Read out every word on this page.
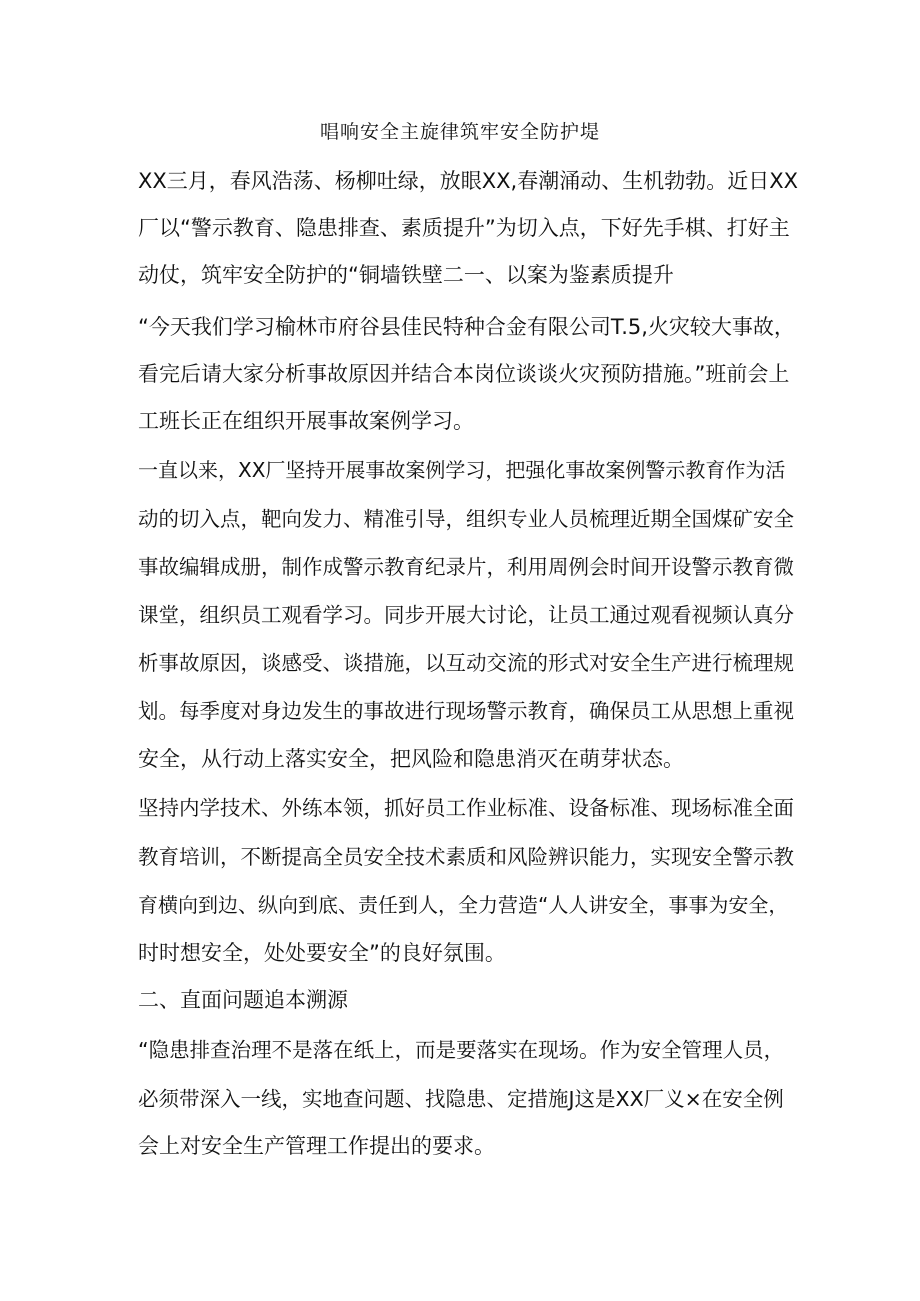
唱响安全主旋律筑牢安全防护堤
XX三月，春风浩荡、杨柳吐绿，放眼XX,春潮涌动、生机勃勃。近日XX
厂以“警示教育、隐患排查、素质提升”为切入点，下好先手棋、打好主
动仗，筑牢安全防护的“铜墙铁壁二一、以案为鉴素质提升
“今天我们学习榆林市府谷县佳民特种合金有限公司T.5,火灾较大事故，
看完后请大家分析事故原因并结合本岗位谈谈火灾预防措施。”班前会上
工班长正在组织开展事故案例学习。
一直以来，XX厂坚持开展事故案例学习，把强化事故案例警示教育作为活
动的切入点，靶向发力、精准引导，组织专业人员梳理近期全国煤矿安全
事故编辑成册，制作成警示教育纪录片，利用周例会时间开设警示教育微
课堂，组织员工观看学习。同步开展大讨论，让员工通过观看视频认真分
析事故原因，谈感受、谈措施，以互动交流的形式对安全生产进行梳理规
划。每季度对身边发生的事故进行现场警示教育，确保员工从思想上重视
安全，从行动上落实安全，把风险和隐患消灭在萌芽状态。
坚持内学技术、外练本领，抓好员工作业标准、设备标准、现场标准全面
教育培训，不断提高全员安全技术素质和风险辨识能力，实现安全警示教
育横向到边、纵向到底、责任到人，全力营造“人人讲安全，事事为安全，
时时想安全，处处要安全”的良好氛围。
二、直面问题追本溯源
“隐患排查治理不是落在纸上，而是要落实在现场。作为安全管理人员，
必须带深入一线，实地查问题、找隐患、定措施J这是XX厂义×在安全例
会上对安全生产管理工作提出的要求。
